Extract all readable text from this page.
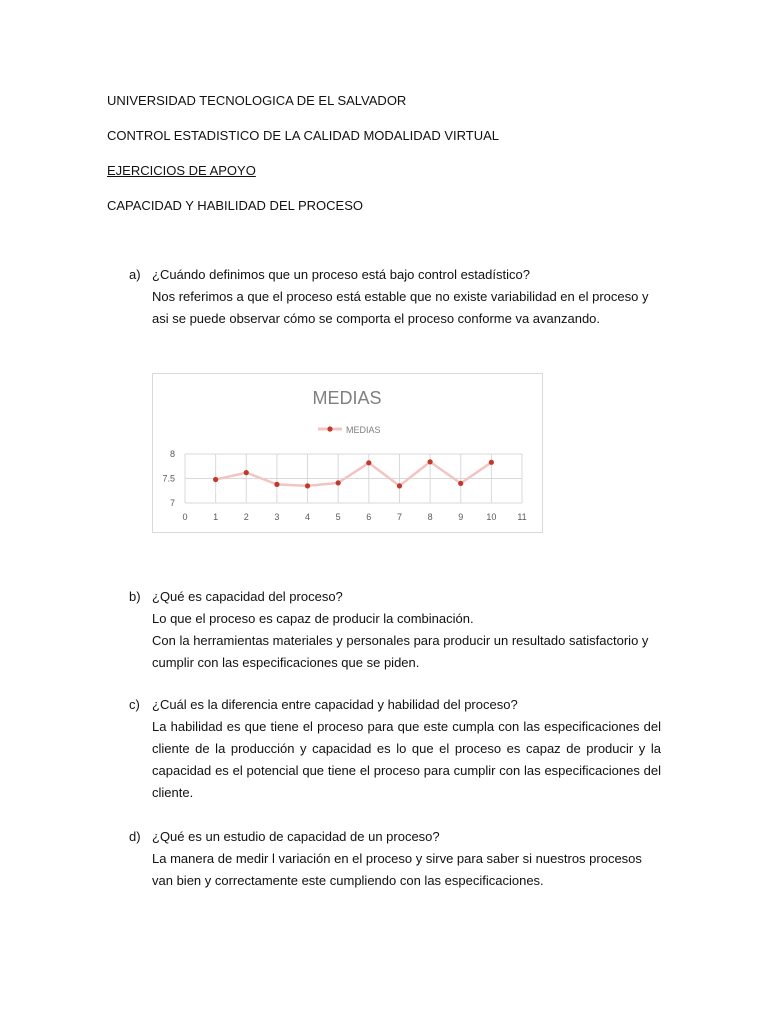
UNIVERSIDAD TECNOLOGICA DE EL SALVADOR
CONTROL ESTADISTICO DE LA CALIDAD MODALIDAD VIRTUAL
EJERCICIOS DE APOYO
CAPACIDAD Y HABILIDAD DEL PROCESO
a) ¿Cuándo definimos que un proceso está bajo control estadístico?
Nos referimos a que el proceso está estable que no existe variabilidad en el proceso y asi se puede observar cómo se comporta el proceso conforme va avanzando.
MEDIAS
MEDIAS
7
7.5
8
0	1	2	3	4	5	6	7	8	9	10 11
b) ¿Qué es capacidad del proceso?
Lo que el proceso es capaz de producir la combinación.
Con la herramientas materiales y personales para producir un resultado satisfactorio y cumplir con las especificaciones que se piden.
c) ¿Cuál es la diferencia entre capacidad y habilidad del proceso?
La habilidad es que tiene el proceso para que este cumpla con las especificaciones del cliente de la producción y capacidad es lo que el proceso es capaz de producir y la capacidad es el potencial que tiene el proceso para cumplir con las especificaciones del cliente.
d) ¿Qué es un estudio de capacidad de un proceso?
La manera de medir l variación en el proceso y sirve para saber si nuestros procesos van bien y correctamente este cumpliendo con las especificaciones.
